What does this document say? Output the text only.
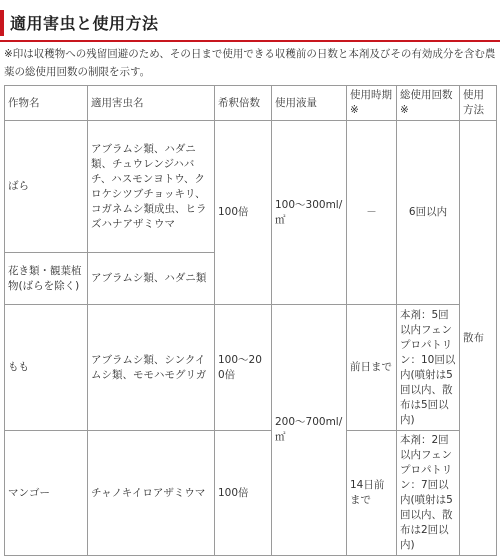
適用害虫と使用方法
※印は収穫物への残留回避のため、その日まで使用できる収穫前の日数と本剤及びその有効成分を含む農薬の総使用回数の制限を示す。
作物名	適用害虫名	希釈倍数	使用液量	使用時期※	総使用回数※	使用方法
ばら	アブラムシ類、ハダニ類、チュウレンジハバチ、ハスモンヨトウ、クロケシツブチョッキリ、コガネムシ類成虫、ヒラズハナアザミウマ	100倍	100～300ml/㎡	－	6回以内	散布
花き類・観葉植物(ばらを除く)	アブラムシ類、ハダニ類					
もも	アブラムシ類、シンクイムシ類、モモハモグリガ	100～200倍	200～700ml/㎡	前日まで	本剤：5回以内フェンプロパトリン：10回以内(噴射は5回以内、散布は5回以内)	
マンゴー	チャノキイロアザミウマ	100倍		14日前まで	本剤：2回以内フェンプロパトリン：7回以内(噴射は5回以内、散布は2回以内)	
